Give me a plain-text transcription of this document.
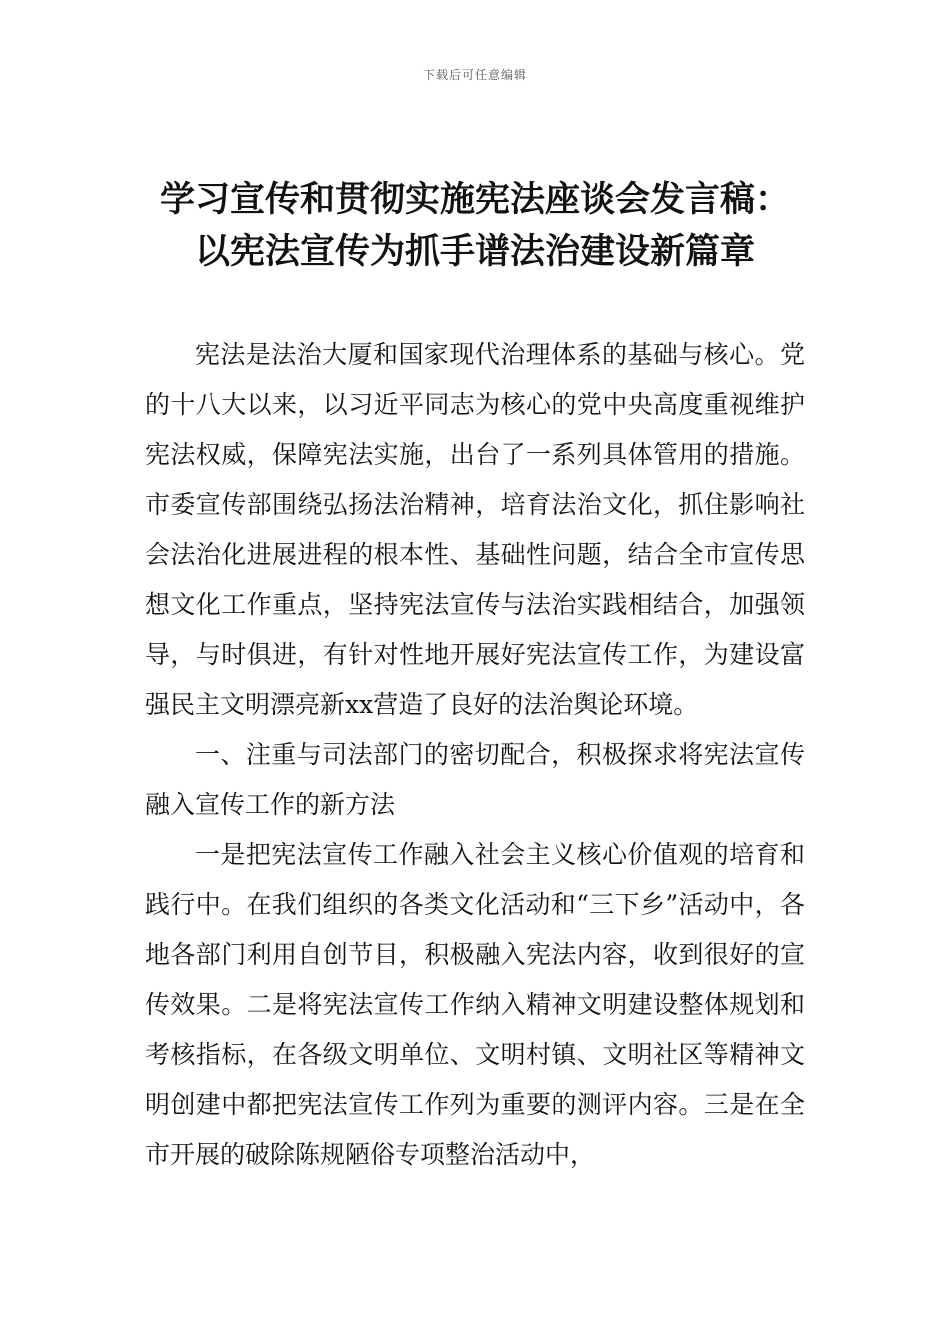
下载后可任意编辑
学习宣传和贯彻实施宪法座谈会发言稿：
以宪法宣传为抓手谱法治建设新篇章

宪法是法治大厦和国家现代治理体系的基础与核心。党的十八大以来，以习近平同志为核心的党中央高度重视维护宪法权威，保障宪法实施，出台了一系列具体管用的措施。市委宣传部围绕弘扬法治精神，培育法治文化，抓住影响社会法治化进展进程的根本性、基础性问题，结合全市宣传思想文化工作重点，坚持宪法宣传与法治实践相结合，加强领导，与时俱进，有针对性地开展好宪法宣传工作，为建设富强民主文明漂亮新xx营造了良好的法治舆论环境。

一、注重与司法部门的密切配合，积极探求将宪法宣传融入宣传工作的新方法

一是把宪法宣传工作融入社会主义核心价值观的培育和践行中。在我们组织的各类文化活动和“三下乡”活动中，各地各部门利用自创节目，积极融入宪法内容，收到很好的宣传效果。二是将宪法宣传工作纳入精神文明建设整体规划和考核指标，在各级文明单位、文明村镇、文明社区等精神文明创建中都把宪法宣传工作列为重要的测评内容。三是在全市开展的破除陈规陋俗专项整治活动中，
